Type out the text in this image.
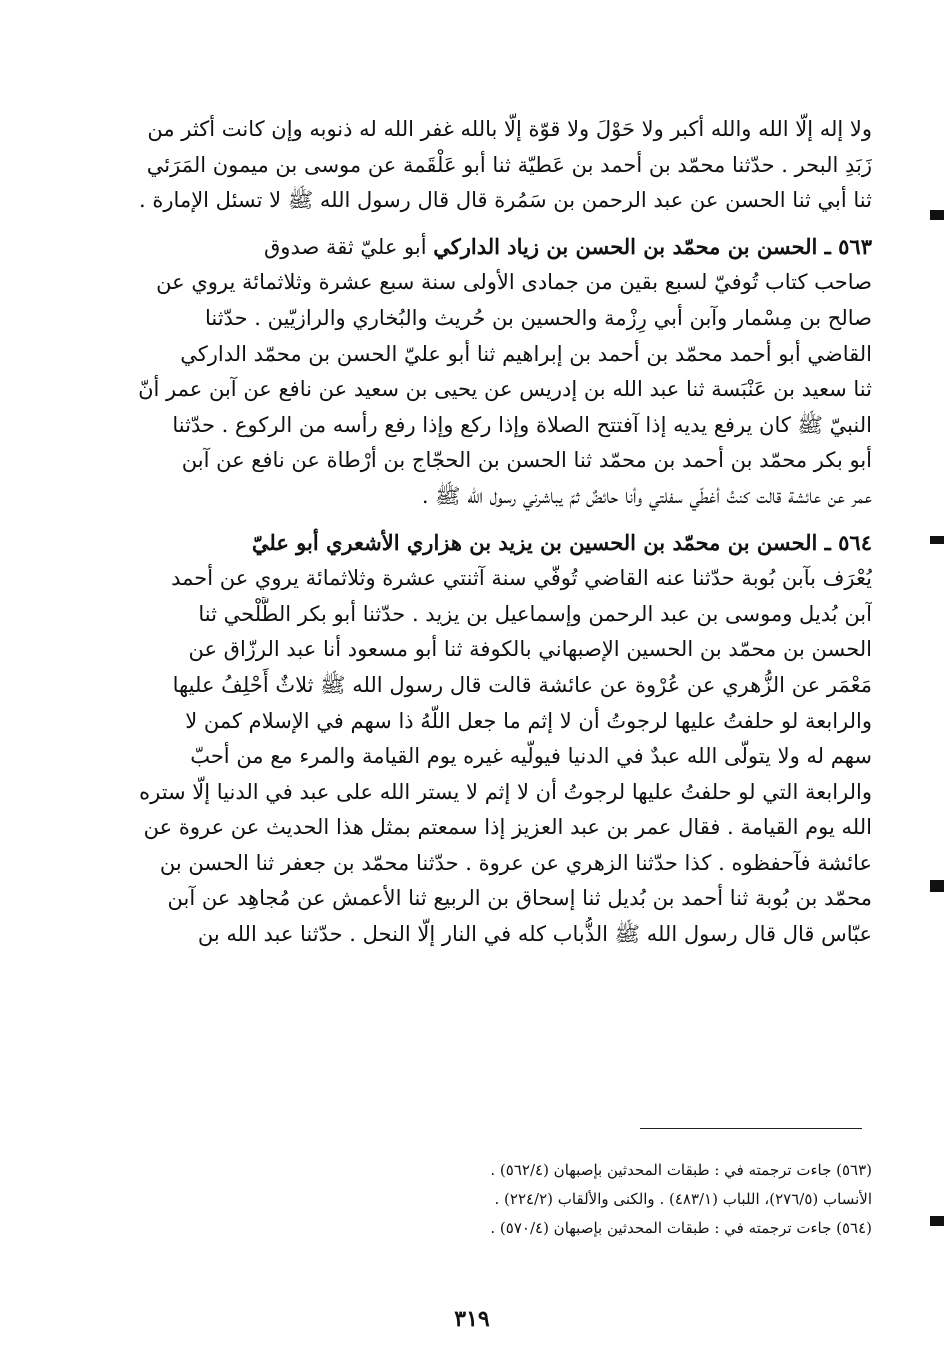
ولا إله إلّا الله والله أكبر ولا حَوْلَ ولا قوّة إلّا بالله غفر الله له ذنوبه وإن كانت أكثر من
زَبَدِ البحر . حدّثنا محمّد بن أحمد بن عَطيّة ثنا أبو عَلْقَمة عن موسى بن ميمون المَرَئي
ثنا أبي ثنا الحسن عن عبد الرحمن بن سَمُرة قال قال رسول الله ﷺ لا تسئل الإمارة .
٥٦٣ ـ الحسن بن محمّد بن الحسن بن زياد الداركي أبو عليّ ثقة صدوق
صاحب كتاب تُوفيّ لسبع بقين من جمادى الأولى سنة سبع عشرة وثلاثمائة يروي عن
صالح بن مِسْمار وآبن أبي رِزْمة والحسين بن حُريث والبُخاري والرازيّين . حدّثنا
القاضي أبو أحمد محمّد بن أحمد بن إبراهيم ثنا أبو عليّ الحسن بن محمّد الداركي
ثنا سعيد بن عَنْبَسة ثنا عبد الله بن إدريس عن يحيى بن سعيد عن نافع عن آبن عمر أنّ
النبيّ ﷺ كان يرفع يديه إذا آفتتح الصلاة وإذا ركع وإذا رفع رأسه من الركوع . حدّثنا
أبو بكر محمّد بن أحمد بن محمّد ثنا الحسن بن الحجّاج بن أرْطاة عن نافع عن آبن
عمر عن عائشة قالت كنتُ أغطّي سفلتي وأنا حائضٌ ثمّ يباشرني رسول الله ﷺ .
٥٦٤ ـ الحسن بن محمّد بن الحسين بن يزيد بن هزاري الأشعري أبو عليّ
يُعْرَف بآبن بُوبة حدّثنا عنه القاضي تُوفّي سنة آثنتي عشرة وثلاثمائة يروي عن أحمد
آبن بُديل وموسى بن عبد الرحمن وإسماعيل بن يزيد . حدّثنا أبو بكر الطَّلْحي ثنا
الحسن بن محمّد بن الحسين الإصبهاني بالكوفة ثنا أبو مسعود أنا عبد الرزّاق عن
مَعْمَر عن الزُّهري عن عُرْوة عن عائشة قالت قال رسول الله ﷺ ثلاثٌ أَحْلِفُ عليها
والرابعة لو حلفتُ عليها لرجوتُ أن لا إثم ما جعل اللّهُ ذا سهم في الإسلام كمن لا
سهم له ولا يتولّى الله عبدٌ في الدنيا فيولّيه غيره يوم القيامة والمرء مع من أحبّ
والرابعة التي لو حلفتُ عليها لرجوتُ أن لا إثم لا يستر الله على عبد في الدنيا إلّا ستره
الله يوم القيامة . فقال عمر بن عبد العزيز إذا سمعتم بمثل هذا الحديث عن عروة عن
عائشة فآحفظوه . كذا حدّثنا الزهري عن عروة . حدّثنا محمّد بن جعفر ثنا الحسن بن
محمّد بن بُوبة ثنا أحمد بن بُديل ثنا إسحاق بن الربيع ثنا الأعمش عن مُجاهِد عن آبن
عبّاس قال قال رسول الله ﷺ الذُّباب كله في النار إلّا النحل . حدّثنا عبد الله بن
(٥٦٣) جاءت ترجمته في : طبقات المحدثين بإصبهان (٥٦٢/٤) .
الأنساب (٢٧٦/٥)، اللباب (٤٨٣/١) . والكنى والألقاب (٢٢٤/٢) .
(٥٦٤) جاءت ترجمته في : طبقات المحدثين بإصبهان (٥٧٠/٤) .
٣١٩
